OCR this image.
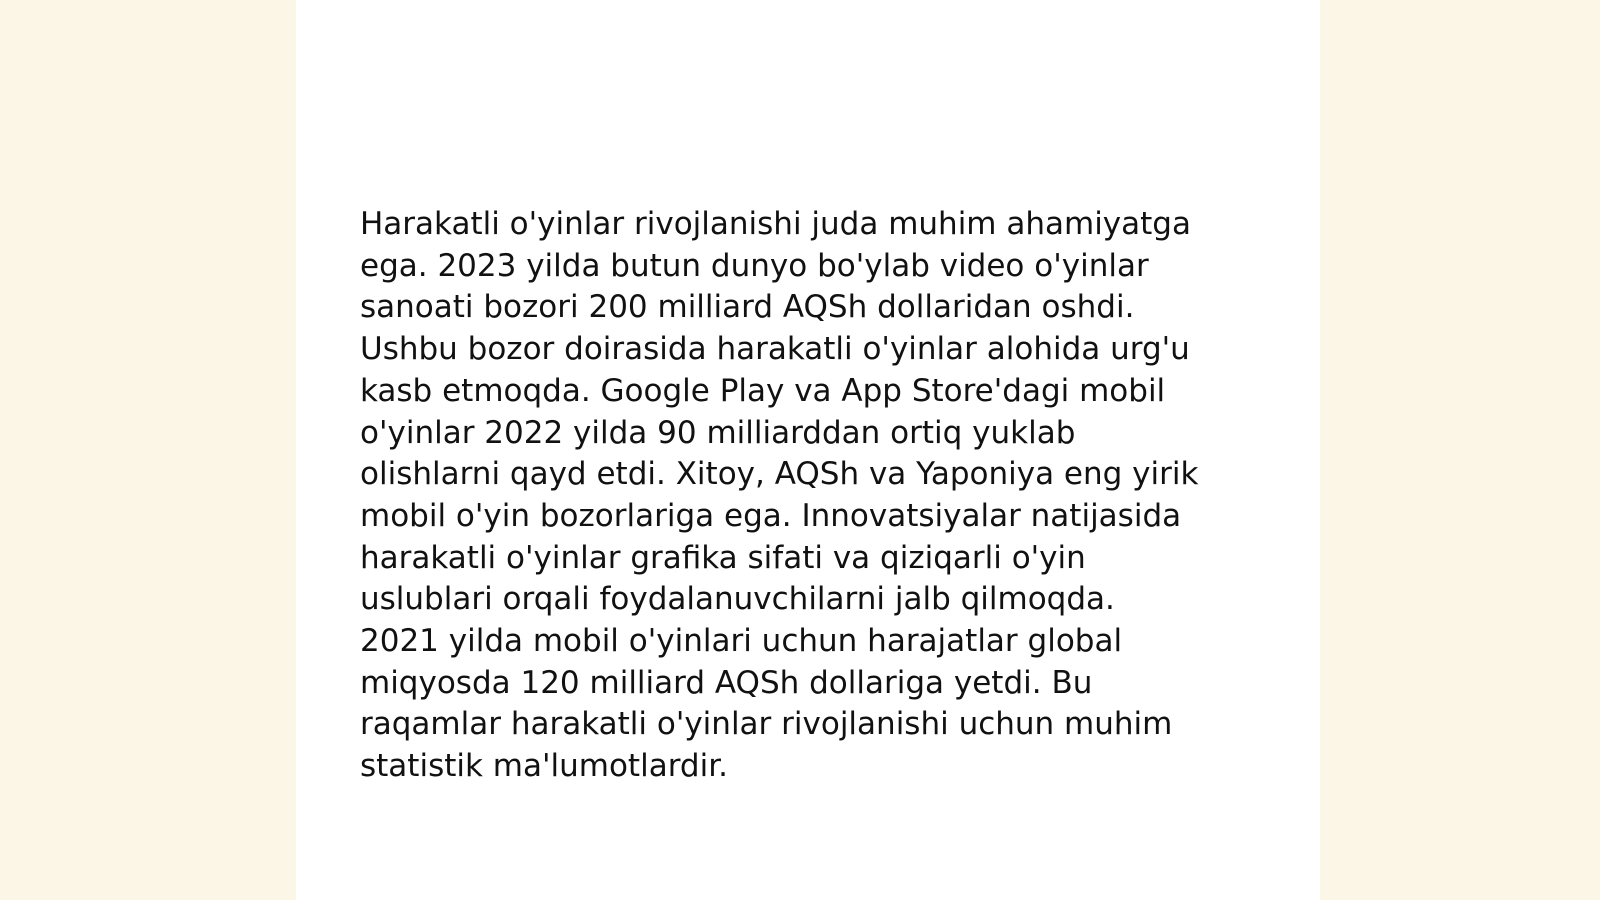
Harakatli o'yinlar rivojlanishi juda muhim ahamiyatga
ega. 2023 yilda butun dunyo bo'ylab video o'yinlar
sanoati bozori 200 milliard AQSh dollaridan oshdi.
Ushbu bozor doirasida harakatli o'yinlar alohida urg'u
kasb etmoqda. Google Play va App Store'dagi mobil
o'yinlar 2022 yilda 90 milliarddan ortiq yuklab
olishlarni qayd etdi. Xitoy, AQSh va Yaponiya eng yirik
mobil o'yin bozorlariga ega. Innovatsiyalar natijasida
harakatli o'yinlar grafika sifati va qiziqarli o'yin
uslublari orqali foydalanuvchilarni jalb qilmoqda.
2021 yilda mobil o'yinlari uchun harajatlar global
miqyosda 120 milliard AQSh dollariga yetdi. Bu
raqamlar harakatli o'yinlar rivojlanishi uchun muhim
statistik ma'lumotlardir.
